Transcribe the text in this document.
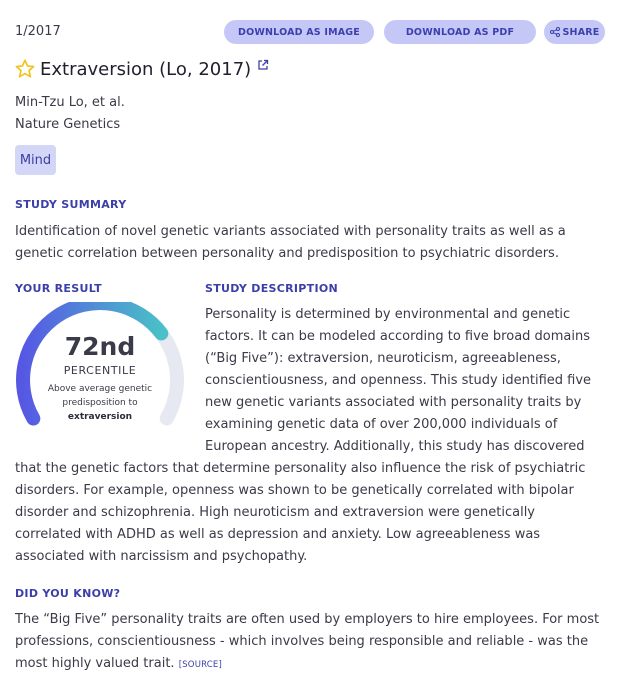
1/2017	DOWNLOAD AS IMAGE	DOWNLOAD AS PDF	SHARE
Extraversion (Lo, 2017)
Min-Tzu Lo, et al.
Nature Genetics
Mind
STUDY SUMMARY
Identification of novel genetic variants associated with personality traits as well as a genetic correlation between personality and predisposition to psychiatric disorders.
YOUR RESULT
72nd
PERCENTILE
Above average genetic
predisposition to
extraversion
STUDY DESCRIPTION
Personality is determined by environmental and genetic
factors. It can be modeled according to five broad domains
(“Big Five”): extraversion, neuroticism, agreeableness,
conscientiousness, and openness. This study identified five
new genetic variants associated with personality traits by
examining genetic data of over 200,000 individuals of
European ancestry. Additionally, this study has discovered
that the genetic factors that determine personality also influence the risk of psychiatric
disorders. For example, openness was shown to be genetically correlated with bipolar
disorder and schizophrenia. High neuroticism and extraversion were genetically
correlated with ADHD as well as depression and anxiety. Low agreeableness was
associated with narcissism and psychopathy.
DID YOU KNOW?
The “Big Five” personality traits are often used by employers to hire employees. For most
professions, conscientiousness - which involves being responsible and reliable - was the
most highly valued trait. [SOURCE]
